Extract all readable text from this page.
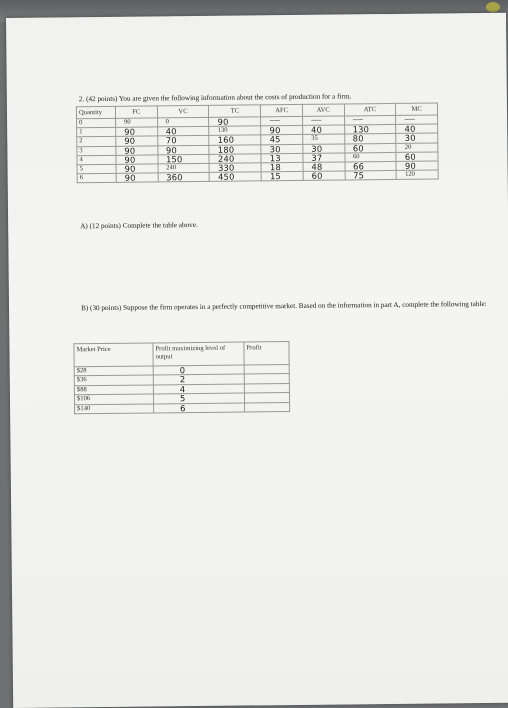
2. (42 points) You are given the following information about the costs of production for a firm.
Quantity	FC	VC	TC	AFC	AVC	ATC	MC
0	90	0	90	------	------	------	------
1	90	40	130	90	40	130	40
2	90	70	160	45	35	80	30
3	90	90	180	30	30	60	20
4	90	150	240	13	37	60	60
5	90	240	330	18	48	66	90
6	90	360	450	15	60	75	120
A) (12 points) Complete the table above.
B) (30 points) Suppose the firm operates in a perfectly competitive market. Based on the information in part A, complete the following table:
Market Price	Profit maximizing level of output	Profit
$28	0	
$36	2	
$88	4	
$106	5	
$140	6	
